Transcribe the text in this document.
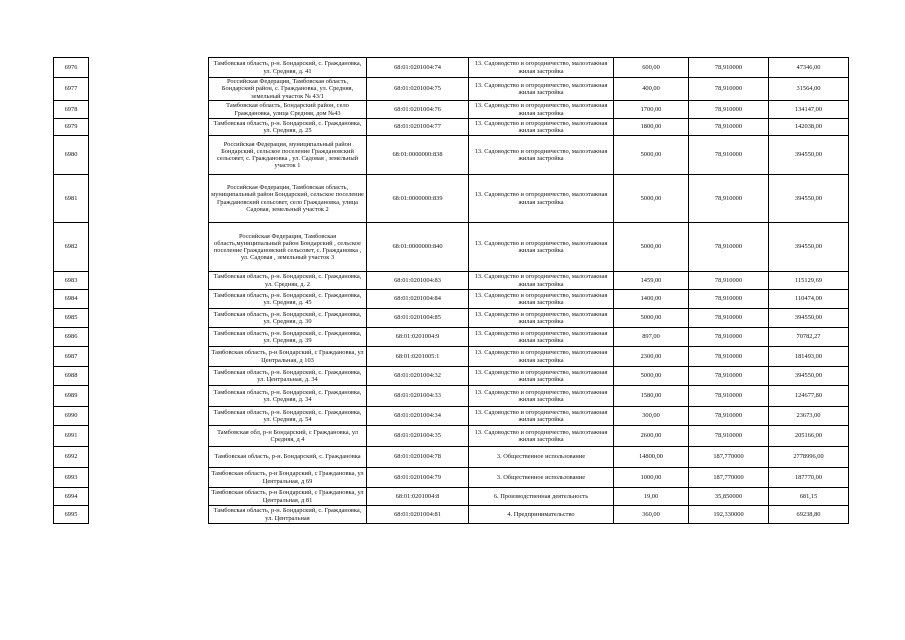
6976		Тамбовская область, р-н. Бондарский, с. Граждановка, ул. Средняя, д. 41	68:01:0201004:74	13. Садоводство и огородничество, малоэтажная жилая застройка	600,00	78,910000	47346,00
6977		Российская Федерация, Тамбовская область, Бондарский район, с. Граждановка, ул. Средняя, земельный участок № 43/1	68:01:0201004:75	13. Садоводство и огородничество, малоэтажная жилая застройка	400,00	78,910000	31564,00
6978		Тамбовская область, Бондарский район, село Граждановка, улица Средняя, дом №43	68:01:0201004:76	13. Садоводство и огородничество, малоэтажная жилая застройка	1700,00	78,910000	134147,00
6979		Тамбовская область, р-н. Бондарский, с. Граждановка, ул. Средняя, д. 25	68:01:0201004:77	13. Садоводство и огородничество, малоэтажная жилая застройка	1800,00	78,910000	142038,00
6980		Российская Федерация, муниципальный район Бондарский, сельское поселение Граждановский сельсовет, с. Граждановка , ул. Садовая , земельный участок 1	68:01:0000000:838	13. Садоводство и огородничество, малоэтажная жилая застройка	5000,00	78,910000	394550,00
6981		Российская Федерация, Тамбовская область, муниципальный район Бондарский, сельское поселение Граждановский сельсовет, село Граждановка, улица Садовая, земельный участок 2	68:01:0000000:839	13. Садоводство и огородничество, малоэтажная жилая застройка	5000,00	78,910000	394550,00
6982		Российская Федерация, Тамбовская область,муниципальный район Бондарский , сельское поселение Граждановский сельсовет, с. Граждановка , ул. Садовая , земельный участок 3	68:01:0000000:840	13. Садоводство и огородничество, малоэтажная жилая застройка	5000,00	78,910000	394550,00
6983		Тамбовская область, р-н. Бондарский, с. Граждановка, ул. Средняя, д. 2	68:01:0201004:83	13. Садоводство и огородничество, малоэтажная жилая застройка	1459,00	78,910000	115129,69
6984		Тамбовская область, р-н. Бондарский, с. Граждановка, ул. Средняя, д. 45	68:01:0201004:84	13. Садоводство и огородничество, малоэтажная жилая застройка	1400,00	78,910000	110474,00
6985		Тамбовская область, р-н. Бондарский, с. Граждановка, ул. Средняя, д. 30	68:01:0201004:85	13. Садоводство и огородничество, малоэтажная жилая застройка	5000,00	78,910000	394550,00
6986		Тамбовская область, р-н. Бондарский, с. Граждановка, ул. Средняя, д. 39	68:01:0201004:9	13. Садоводство и огородничество, малоэтажная жилая застройка	897,00	78,910000	70782,27
6987		Тамбовская область, р-н Бондарский, с Граждановка, ул Центральная, д 103	68:01:0201005:1	13. Садоводство и огородничество, малоэтажная жилая застройка	2300,00	78,910000	181493,00
6988		Тамбовская область, р-н. Бондарский, с. Граждановка, ул. Центральная, д. 34	68:01:0201004:32	13. Садоводство и огородничество, малоэтажная жилая застройка	5000,00	78,910000	394550,00
6989		Тамбовская область, р-н. Бондарский, с. Граждановка, ул. Средняя, д. 34	68:01:0201004:33	13. Садоводство и огородничество, малоэтажная жилая застройка	1580,00	78,910000	124677,80
6990		Тамбовская область, р-н. Бондарский, с. Граждановка, ул. Средняя, д. 54	68:01:0201004:34	13. Садоводство и огородничество, малоэтажная жилая застройка	300,00	78,910000	23673,00
6991		Тамбовская обл, р-н Бондарский, с Граждановка, ул Средняя, д 4	68:01:0201004:35	13. Садоводство и огородничество, малоэтажная жилая застройка	2600,00	78,910000	205166,00
6992		Тамбовская область, р-н. Бондарский, с. Граждановка	68:01:0201004:78	3. Общественное использование	14800,00	187,770000	2778996,00
6993		Тамбовская область, р-н Бондарский, с Граждановка, ул Центральная, д 69	68:01:0201004:79	3. Общественное использование	1000,00	187,770000	187770,00
6994		Тамбовская область, р-н Бондарский, с Граждановка, ул Центральная, д 81	68:01:0201004:8	6. Производственная деятельность	19,00	35,850000	681,15
6995		Тамбовская область, р-н. Бондарский, с. Граждановка, ул. Центральная	68:01:0201004:81	4. Предпринимательство	360,00	192,330000	69238,80
